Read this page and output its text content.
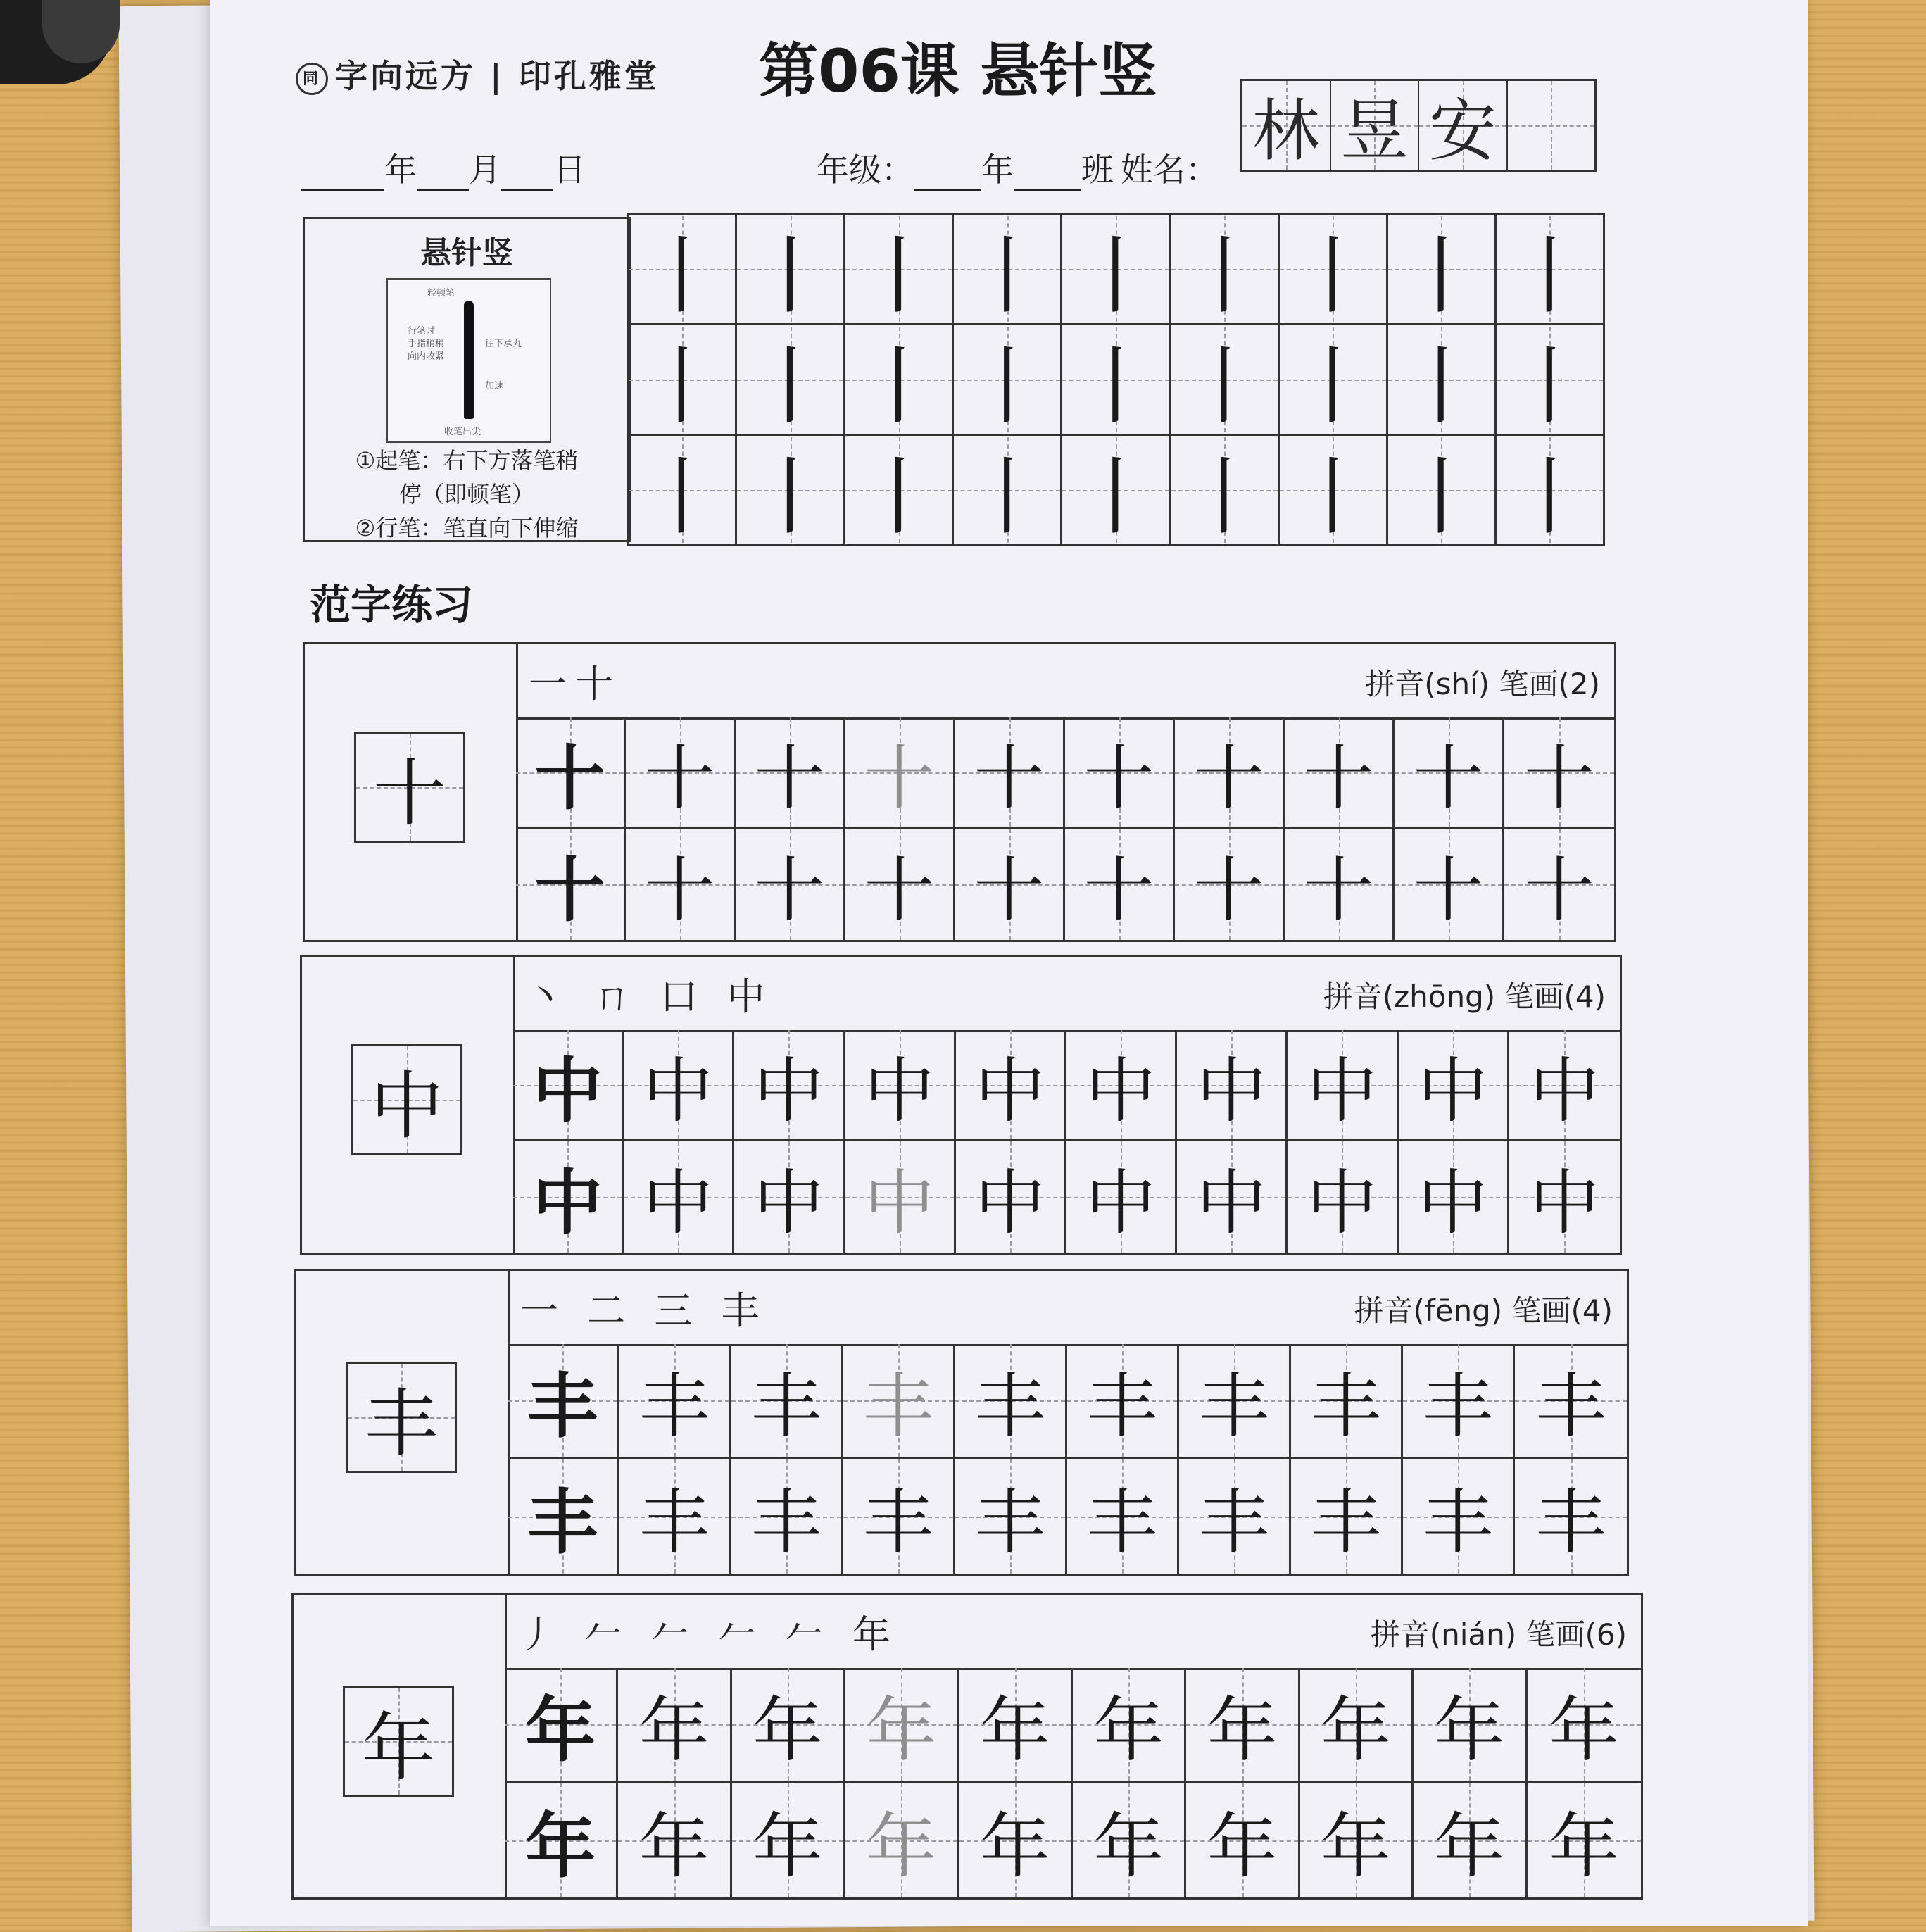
同 字向远方 | 印孔雅堂 第06课 悬针竖
年 月 日	年级： 年 班 姓名： 林 昱 安
悬针竖
轻顿笔
行笔时
手指稍稍
向内收紧
往下承丸
加速
收笔出尖
①起笔：右下方落笔稍
停（即顿笔）
②行笔：笔直向下伸缩
丨	丨	丨	丨	丨	丨	丨	丨	丨

丨	丨	丨	丨	丨	丨	丨	丨	丨

丨	丨	丨	丨	丨	丨	丨	丨	丨
范字练习
十
一十	拼音(shí) 笔画(2)
十 十 十 十 十 十 十 十 十 十
十 十 十 十 十 十 十 十 十 十
中
丶 ㄇ 口 中	拼音(zhōng) 笔画(4)
中 中 中 中 中 中 中 中 中 中
中 中 中 中 中 中 中 中 中 中
丰
一 二 三 丰	拼音(fēng) 笔画(4)
丰 丰 丰 丰 丰 丰 丰 丰 丰 丰
丰 丰 丰 丰 丰 丰 丰 丰 丰 丰
年
丿 𠂉 𠂉 𠂉 𠂉 年	拼音(nián) 笔画(6)
年 年 年 年 年 年 年 年 年 年
年 年 年 年 年 年 年 年 年 年
